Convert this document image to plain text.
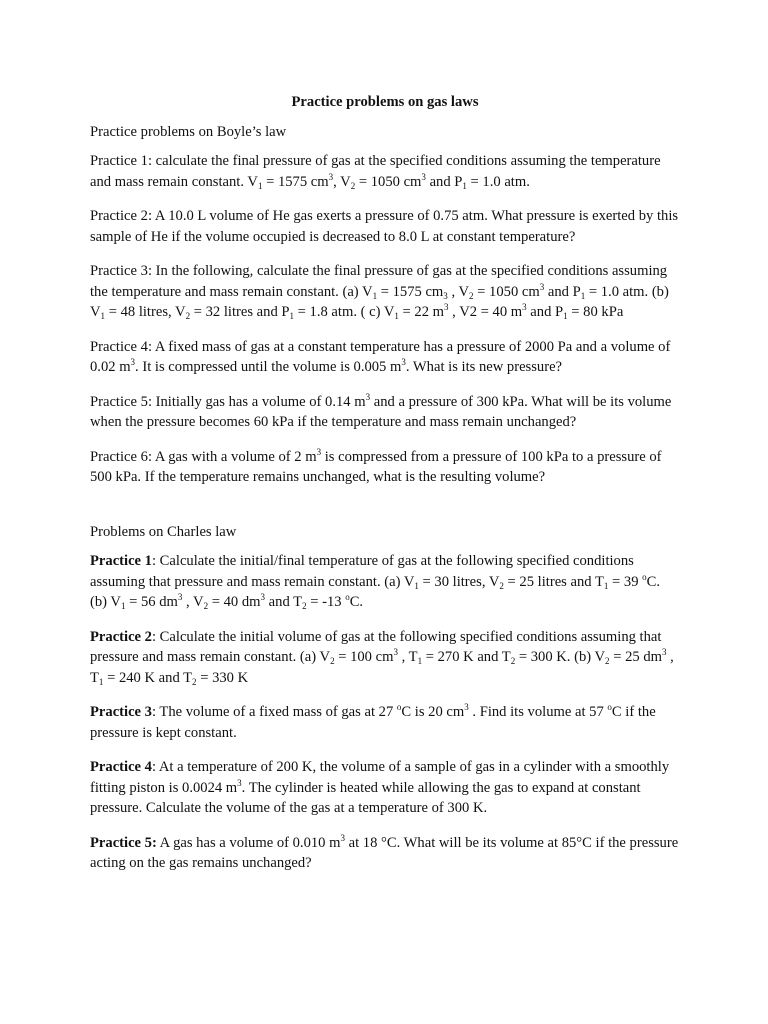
Practice problems on gas laws
Practice problems on Boyle’s law

Practice 1: calculate the final pressure of gas at the specified conditions assuming the temperature and mass remain constant. $V_1 = 1575$ $cm^3$, $V_2 = 1050$ $cm^3$ and $P_1 = 1.0$ atm.

Practice 2: A 10.0 L volume of He gas exerts a pressure of 0.75 atm. What pressure is exerted by this sample of He if the volume occupied is decreased to 8.0 L at constant temperature?

Practice 3: In the following, calculate the final pressure of gas at the specified conditions assuming the temperature and mass remain constant. (a) $V_1 = 1575$ $cm_3$ , $V_2 = 1050$ $cm^3$ and $P_1 = 1.0$ atm. (b) $V_1 = 48$ litres, $V_2 = 32$ litres and $P_1 = 1.8$ atm. ( c) $V_1 = 22$ $m^3$ , V2 = 40 $m^3$ and $P_1 = 80$ kPa

Practice 4: A fixed mass of gas at a constant temperature has a pressure of 2000 Pa and a volume of 0.02 $m^3$. It is compressed until the volume is 0.005 $m^3$. What is its new pressure?

Practice 5: Initially gas has a volume of 0.14 $m^3$ and a pressure of 300 kPa. What will be its volume when the pressure becomes 60 kPa if the temperature and mass remain unchanged?

Practice 6: A gas with a volume of 2 $m^3$ is compressed from a pressure of 100 kPa to a pressure of 500 kPa. If the temperature remains unchanged, what is the resulting volume?

Problems on Charles law

Practice 1: Calculate the initial/final temperature of gas at the following specified conditions assuming that pressure and mass remain constant. (a) $V_1 = 30$ litres, $V_2 = 25$ litres and $T_1 = 39$ $^o$C. (b) $V_1 = 56$ $dm^3$ , $V_2 = 40$ $dm^3$ and $T_2 = -13$ $^o$C.

Practice 2: Calculate the initial volume of gas at the following specified conditions assuming that pressure and mass remain constant. (a) $V_2 = 100$ $cm^3$ , $T_1 = 270$ K and $T_2 = 300$ K. (b) $V_2 = 25$ $dm^3$ , $T_1 = 240$ K and $T_2 = 330$ K

Practice 3: The volume of a fixed mass of gas at 27 $^o$C is 20 $cm^3$ . Find its volume at 57 $^o$C if the pressure is kept constant.

Practice 4: At a temperature of 200 K, the volume of a sample of gas in a cylinder with a smoothly fitting piston is 0.0024 $m^3$. The cylinder is heated while allowing the gas to expand at constant pressure. Calculate the volume of the gas at a temperature of 300 K.

Practice 5: A gas has a volume of 0.010 $m^3$ at 18 °C. What will be its volume at 85°C if the pressure acting on the gas remains unchanged?
